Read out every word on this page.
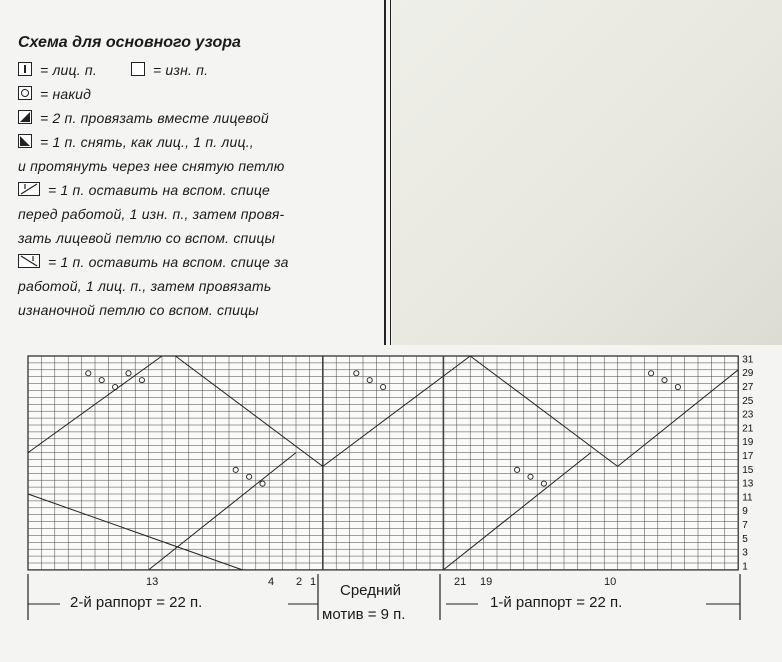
Схема для основного узора

= лиц. п.	= изн. п.
= накид
= 2 п. провязать вместе лицевой
= 1 п. снять, как лиц., 1 п. лиц.,
и протянуть через нее снятую петлю
= 1 п. оставить на вспом. спице
перед работой, 1 изн. п., затем провя-
зать лицевой петлю со вспом. спицы
= 1 п. оставить на вспом. спице за
работой, 1 лиц. п., затем провязать
изнаночной петлю со вспом. спицы
1
3
5
7
9
11
13
15
17
19
21
23
25
27
29
31
13	4 2 1	21 19	10
2-й раппорт = 22 п.
Средний
мотив = 9 п.
1-й раппорт = 22 п.
